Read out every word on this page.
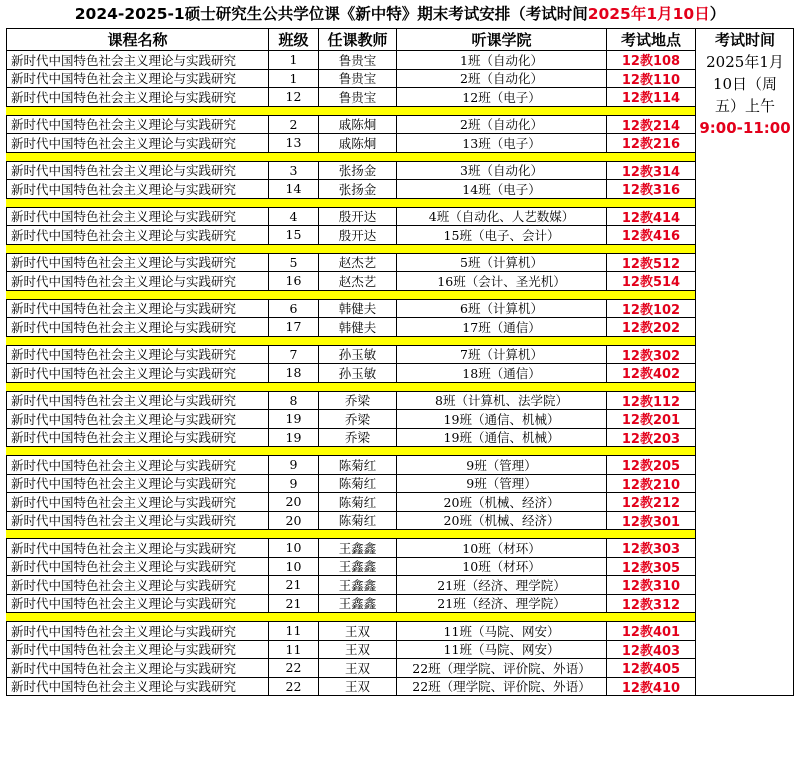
2024-2025-1硕士研究生公共学位课《新中特》期末考试安排（考试时间2025年1月10日）
课程名称	班级	任课教师	听课学院	考试地点
新时代中国特色社会主义理论与实践研究	1	鲁贵宝	1班（自动化）	12教108
新时代中国特色社会主义理论与实践研究	1	鲁贵宝	2班（自动化）	12教110
新时代中国特色社会主义理论与实践研究	12	鲁贵宝	12班（电子）	12教114
新时代中国特色社会主义理论与实践研究	2	戚陈炯	2班（自动化）	12教214
新时代中国特色社会主义理论与实践研究	13	戚陈炯	13班（电子）	12教216
新时代中国特色社会主义理论与实践研究	3	张扬金	3班（自动化）	12教314
新时代中国特色社会主义理论与实践研究	14	张扬金	14班（电子）	12教316
新时代中国特色社会主义理论与实践研究	4	殷开达	4班（自动化、人艺数媒）	12教414
新时代中国特色社会主义理论与实践研究	15	殷开达	15班（电子、会计）	12教416
新时代中国特色社会主义理论与实践研究	5	赵杰艺	5班（计算机）	12教512
新时代中国特色社会主义理论与实践研究	16	赵杰艺	16班（会计、圣光机）	12教514
新时代中国特色社会主义理论与实践研究	6	韩健夫	6班（计算机）	12教102
新时代中国特色社会主义理论与实践研究	17	韩健夫	17班（通信）	12教202
新时代中国特色社会主义理论与实践研究	7	孙玉敏	7班（计算机）	12教302
新时代中国特色社会主义理论与实践研究	18	孙玉敏	18班（通信）	12教402
新时代中国特色社会主义理论与实践研究	8	乔梁	8班（计算机、法学院）	12教112
新时代中国特色社会主义理论与实践研究	19	乔梁	19班（通信、机械）	12教201
新时代中国特色社会主义理论与实践研究	19	乔梁	19班（通信、机械）	12教203
新时代中国特色社会主义理论与实践研究	9	陈菊红	9班（管理）	12教205
新时代中国特色社会主义理论与实践研究	9	陈菊红	9班（管理）	12教210
新时代中国特色社会主义理论与实践研究	20	陈菊红	20班（机械、经济）	12教212
新时代中国特色社会主义理论与实践研究	20	陈菊红	20班（机械、经济）	12教301
新时代中国特色社会主义理论与实践研究	10	王鑫鑫	10班（材环）	12教303
新时代中国特色社会主义理论与实践研究	10	王鑫鑫	10班（材环）	12教305
新时代中国特色社会主义理论与实践研究	21	王鑫鑫	21班（经济、理学院）	12教310
新时代中国特色社会主义理论与实践研究	21	王鑫鑫	21班（经济、理学院）	12教312
新时代中国特色社会主义理论与实践研究	11	王双	11班（马院、网安）	12教401
新时代中国特色社会主义理论与实践研究	11	王双	11班（马院、网安）	12教403
新时代中国特色社会主义理论与实践研究	22	王双	22班（理学院、评价院、外语）	12教405
新时代中国特色社会主义理论与实践研究	22	王双	22班（理学院、评价院、外语）	12教410
考试时间
2025年1月
10日（周
五）上午
9:00-11:00
